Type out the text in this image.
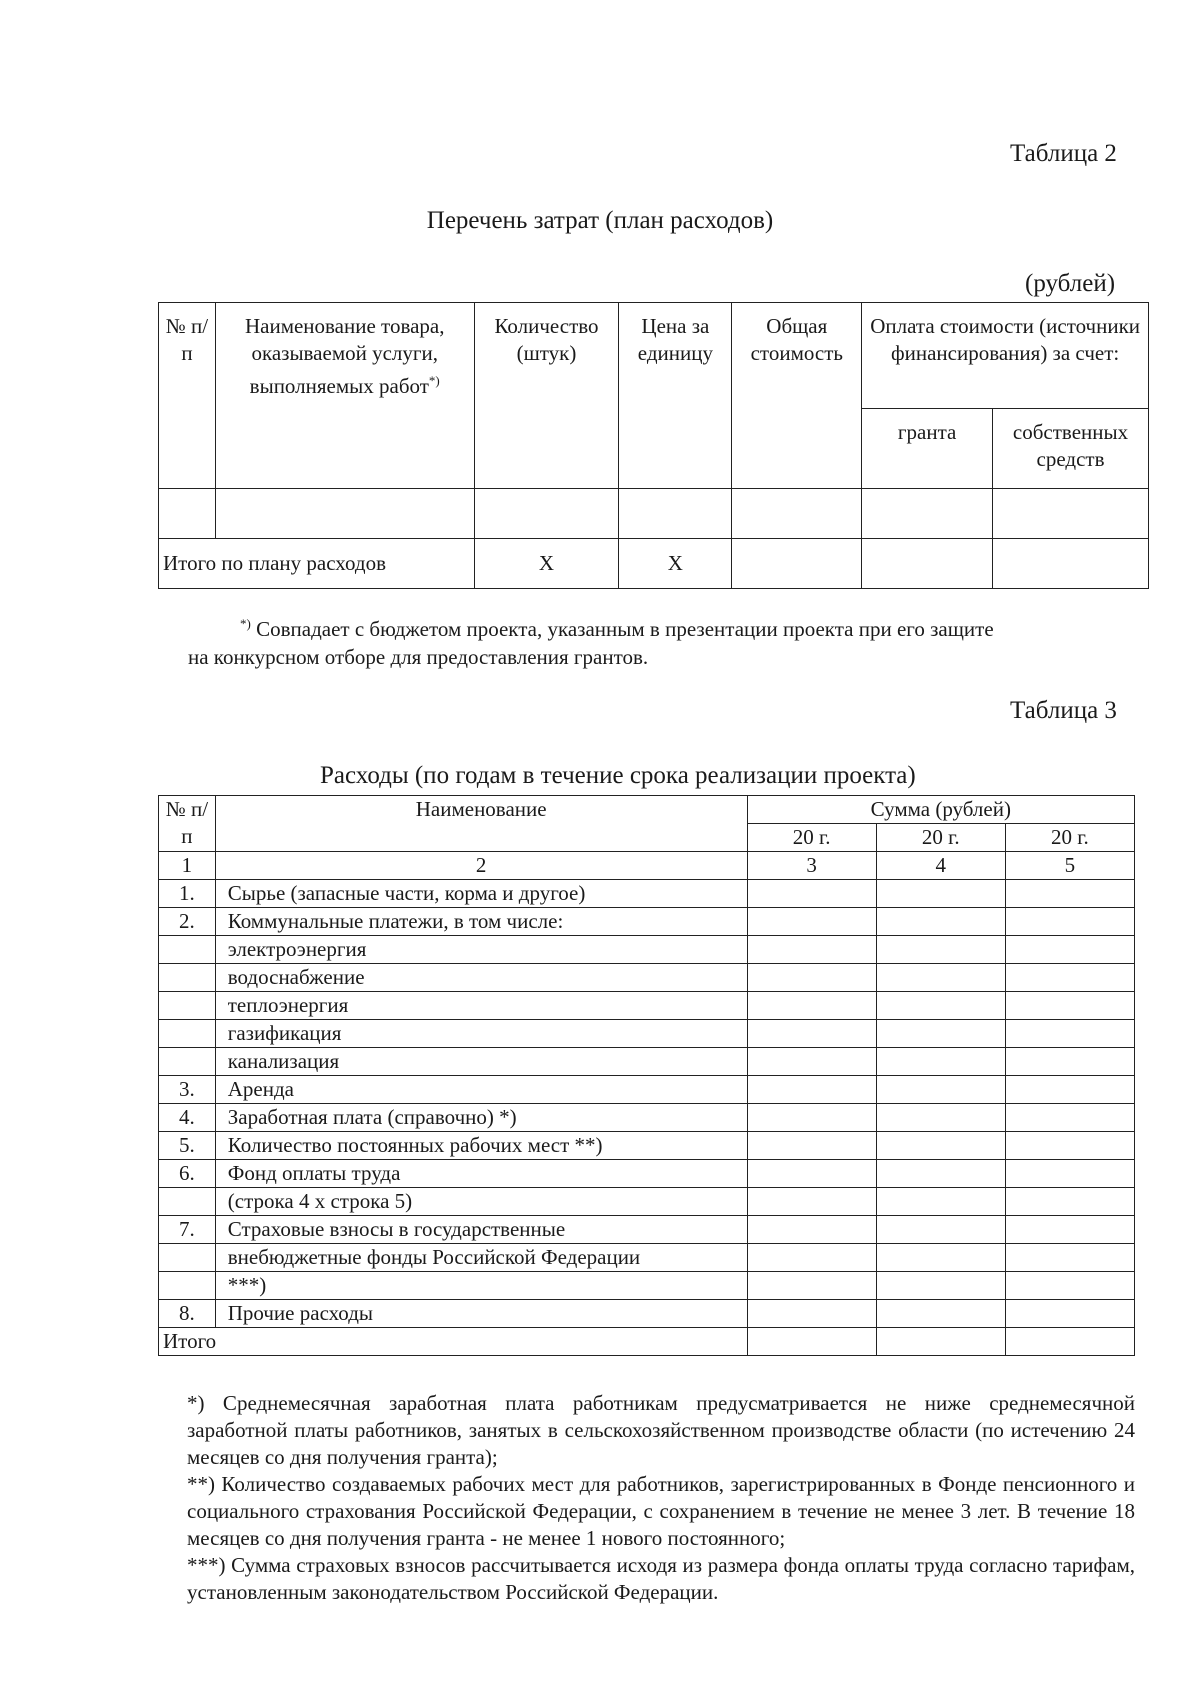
Таблица 2
Перечень затрат (план расходов)
(рублей)
№ п/п	Наименование товара, оказываемой услуги, выполняемых работ*)	Количество (штук)	Цена за единицу	Общая стоимость	Оплата стоимости (источники финансирования) за счет:	
					гранта	собственных средств

Итого по плану расходов		X	X			

*) Совпадает с бюджетом проекта, указанным в презентации проекта при его защите

на конкурсном отборе для предоставления грантов.

Таблица 3
Расходы (по годам в течение срока реализации проекта)
№ п/п	Наименование	Сумма (рублей)		
		20 г.	20 г.	20 г.
1	2	3	4	5
1.	Сырье (запасные части, корма и другое)			
2.	Коммунальные платежи, в том числе:			
	электроэнергия			
	водоснабжение			
	теплоэнергия			
	газификация			
	канализация			
3.	Аренда			
4.	Заработная плата (справочно) *)			
5.	Количество постоянных рабочих мест **)			
6.	Фонд оплаты труда			
	(строка 4 х строка 5)			
7.	Страховые взносы в государственные			
	внебюджетные фонды Российской Федерации			
	***)			
8.	Прочие расходы			
Итого				

*) Среднемесячная заработная плата работникам предусматривается не ниже среднемесячной заработной платы работников, занятых в сельскохозяйственном производстве области (по истечению 24 месяцев со дня получения гранта);

**) Количество создаваемых рабочих мест для работников, зарегистрированных в Фонде пенсионного и социального страхования Российской Федерации, с сохранением в течение не менее 3 лет. В течение 18 месяцев со дня получения гранта - не менее 1 нового постоянного;

***) Сумма страховых взносов рассчитывается исходя из размера фонда оплаты труда согласно тарифам, установленным законодательством Российской Федерации.
